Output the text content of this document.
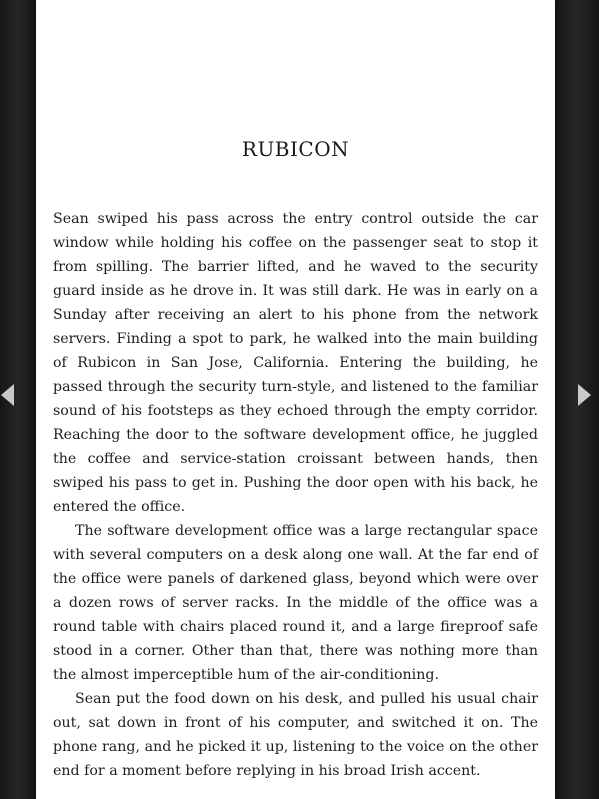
RUBICON

Sean swiped his pass across the entry control outside the car window while holding his coffee on the passenger seat to stop it from spilling. The barrier lifted, and he waved to the security guard inside as he drove in. It was still dark. He was in early on a Sunday after receiving an alert to his phone from the network servers. Finding a spot to park, he walked into the main building of Rubicon in San Jose, California. Entering the building, he passed through the security turn-style, and listened to the familiar sound of his footsteps as they echoed through the empty corridor. Reaching the door to the software development office, he juggled the coffee and service-station croissant between hands, then swiped his pass to get in. Pushing the door open with his back, he entered the office.

The software development office was a large rectangular space with several computers on a desk along one wall. At the far end of the office were panels of darkened glass, beyond which were over a dozen rows of server racks. In the middle of the office was a round table with chairs placed round it, and a large fireproof safe stood in a corner. Other than that, there was nothing more than the almost imperceptible hum of the air-conditioning.

Sean put the food down on his desk, and pulled his usual chair out, sat down in front of his computer, and switched it on. The phone rang, and he picked it up, listening to the voice on the other end for a moment before replying in his broad Irish accent.
